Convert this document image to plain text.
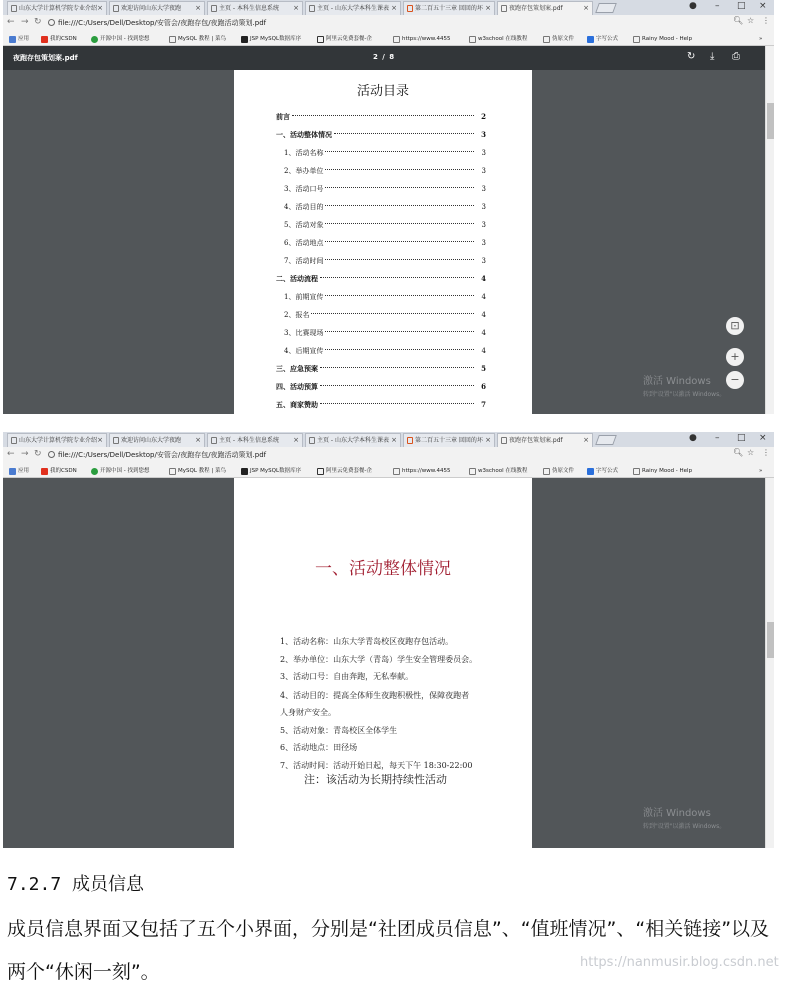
山东大学计算机学院专业介绍 ×	欢迎访问山东大学夜跑 ×	主页 - 本科生信息系统 ×	主页 - 山东大学本科生课表 ×	第二百五十三章 回回的坏 ×	夜跑存包策划案.pdf	×	● – □ ×
← → ↻	file:///C:/Users/Dell/Desktop/安管会/夜跑存包/夜跑活动策划.pdf	🔍︎ ☆ ⋮
应用	我的CSDN	开源中国 - 找到您想	MySQL 教程 | 菜鸟	JSP MySQL数据库序	阿里云免费套餐-企	https://www.4455	w3school 在线教程	伪原文件	字写公式	Rainy Mood - Help	»
夜跑存包策划案.pdf	2 / 8	↻ ⤓ ⎙
活动目录
前言	2
一、活动整体情况	3
1、活动名称	3
2、举办单位	3
3、活动口号	3
4、活动目的	3
5、活动对象	3
6、活动地点	3
7、活动时间	3
二、活动流程	4
1、前期宣传	4
2、报名	4
3、比赛现场	4
4、后期宣传	4
三、应急预案	5
四、活动预算	6
五、商家赞助	7
⊡
+
−
激活 Windows
转到"设置"以激活 Windows。
山东大学计算机学院专业介绍 ×	欢迎访问山东大学夜跑 ×	主页 - 本科生信息系统 ×	主页 - 山东大学本科生课表 ×	第二百五十三章 回回的坏 ×	夜跑存包策划案.pdf	×	● – □ ×
← → ↻	file:///C:/Users/Dell/Desktop/安管会/夜跑存包/夜跑活动策划.pdf	🔍︎ ☆ ⋮
应用	我的CSDN	开源中国 - 找到您想	MySQL 教程 | 菜鸟	JSP MySQL数据库序	阿里云免费套餐-企	https://www.4455	w3school 在线教程	伪原文件	字写公式	Rainy Mood - Help	»
一、活动整体情况
1、活动名称：山东大学青岛校区夜跑存包活动。
2、举办单位：山东大学（青岛）学生安全管理委员会。
3、活动口号：自由奔跑，无私奉献。
4、活动目的：提高全体师生夜跑积极性，保障夜跑者
人身财产安全。
5、活动对象：青岛校区全体学生
6、活动地点：田径场
7、活动时间：活动开始日起，每天下午 18:30-22:00
注：该活动为长期持续性活动
激活 Windows
转到"设置"以激活 Windows。
7.2.7 成员信息
成员信息界面又包括了五个小界面，分别是“社团成员信息”、“值班情况”、“相关链接”以及两个“休闲一刻”。	https://nanmusir.blog.csdn.net
